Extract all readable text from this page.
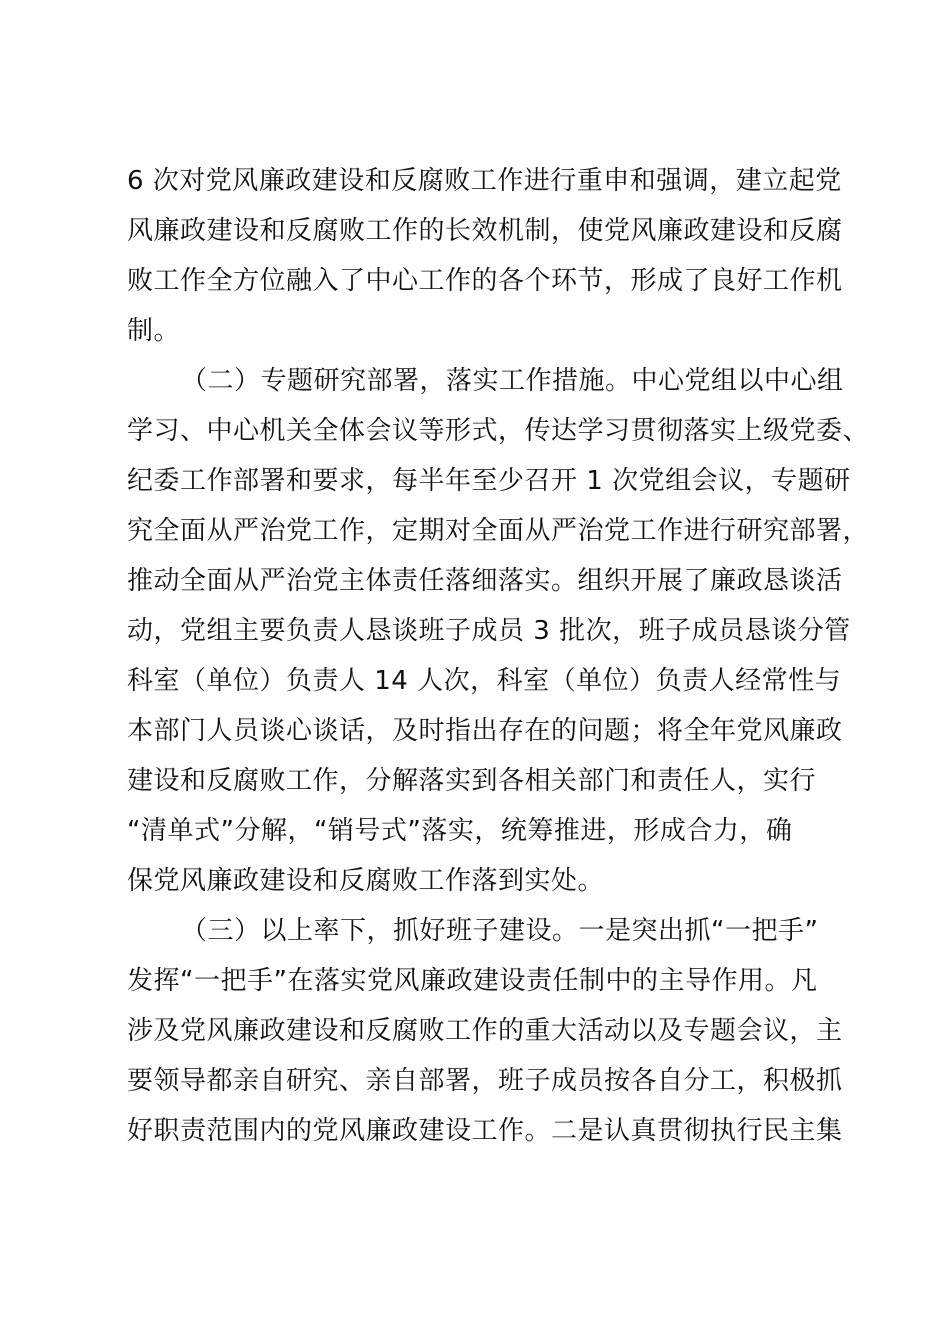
6 次对党风廉政建设和反腐败工作进行重申和强调，建立起党
风廉政建设和反腐败工作的长效机制，使党风廉政建设和反腐
败工作全方位融入了中心工作的各个环节，形成了良好工作机
制。
（二）专题研究部署，落实工作措施。中心党组以中心组
学习、中心机关全体会议等形式，传达学习贯彻落实上级党委、
纪委工作部署和要求，每半年至少召开 1 次党组会议，专题研
究全面从严治党工作，定期对全面从严治党工作进行研究部署，
推动全面从严治党主体责任落细落实。组织开展了廉政恳谈活
动，党组主要负责人恳谈班子成员 3 批次，班子成员恳谈分管
科室（单位）负责人 14 人次，科室（单位）负责人经常性与
本部门人员谈心谈话，及时指出存在的问题；将全年党风廉政
建设和反腐败工作，分解落实到各相关部门和责任人，实行
“清单式”分解，“销号式”落实，统筹推进，形成合力，确
保党风廉政建设和反腐败工作落到实处。
（三）以上率下，抓好班子建设。一是突出抓“一把手”
发挥“一把手”在落实党风廉政建设责任制中的主导作用。凡
涉及党风廉政建设和反腐败工作的重大活动以及专题会议，主
要领导都亲自研究、亲自部署，班子成员按各自分工，积极抓
好职责范围内的党风廉政建设工作。二是认真贯彻执行民主集
